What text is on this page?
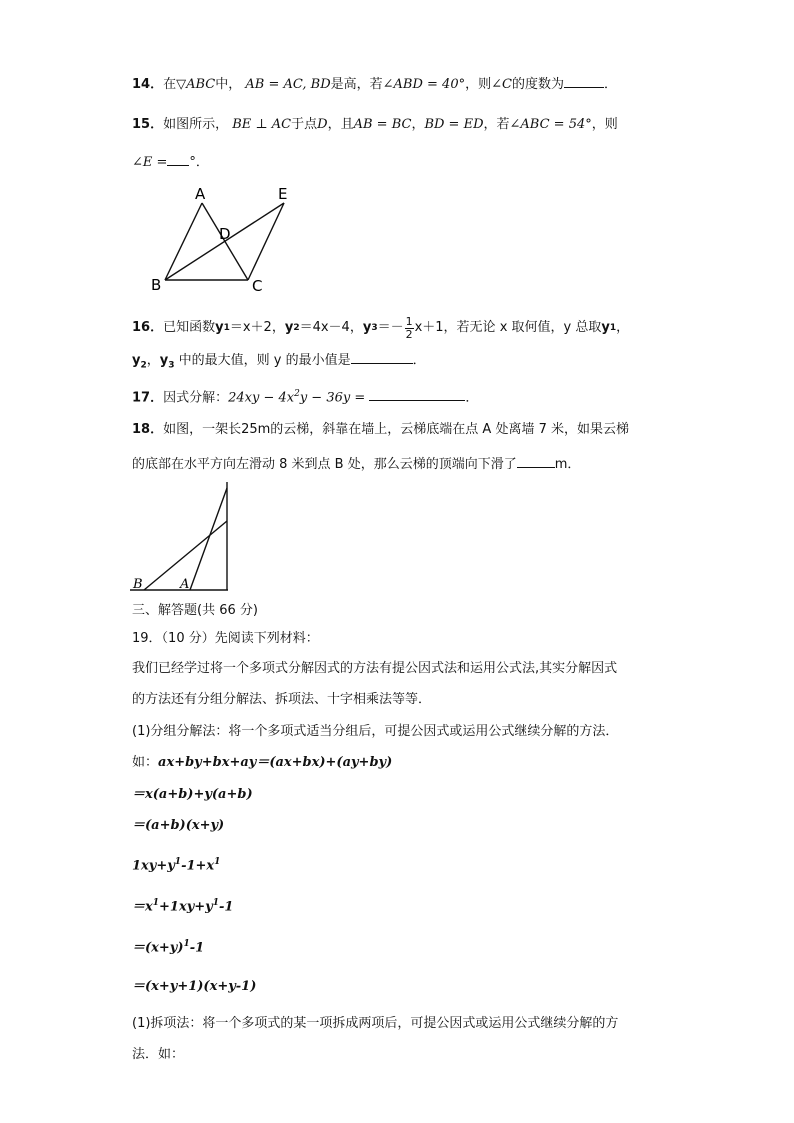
14．在▽ABC中， AB = AC, BD是高，若∠ABD = 40°，则∠C的度数为	．
15．如图所示， BE ⊥ AC于点D，且AB = BC，BD = ED，若∠ABC = 54°，则
∠E = °．
A	E
D
B	C
16． 已知函数 y 1 ＝x＋2， y 2 ＝4x－4， y $3 =- \frac{1}{2} x+1$，若无论 x 取何值，y 总取 y 1 ，
$y_2$，$y_3$ 中的最大值，则 y 的最小值是	．
17．因式分解：$24xy - 4x^2y - 36y$ =	．
18．如图，一架长25m的云梯，斜靠在墙上，云梯底端在点 A 处离墙 7 米，如果云梯
的底部在水平方向左滑动 8 米到点 B 处，那么云梯的顶端向下滑了	m．
B	A
三、解答题(共 66 分)
19．（10 分）先阅读下列材料：
我们已经学过将一个多项式分解因式的方法有提公因式法和运用公式法,其实分解因式
的方法还有分组分解法、拆项法、十字相乘法等等．
(1)分组分解法：将一个多项式适当分组后，可提公因式或运用公式继续分解的方法．
如：ax+by+bx+ay＝(ax+bx)+(ay+by)
＝x(a+b)+y(a+b)
＝(a+b)(x+y)
$1xy+y^1-1+x^1$
$=x^1+1xy+y^1-1$
$=(x+y)^1-1$
＝(x+y+1)(x+y-1)
(1)拆项法：将一个多项式的某一项拆成两项后，可提公因式或运用公式继续分解的方
法．如：
